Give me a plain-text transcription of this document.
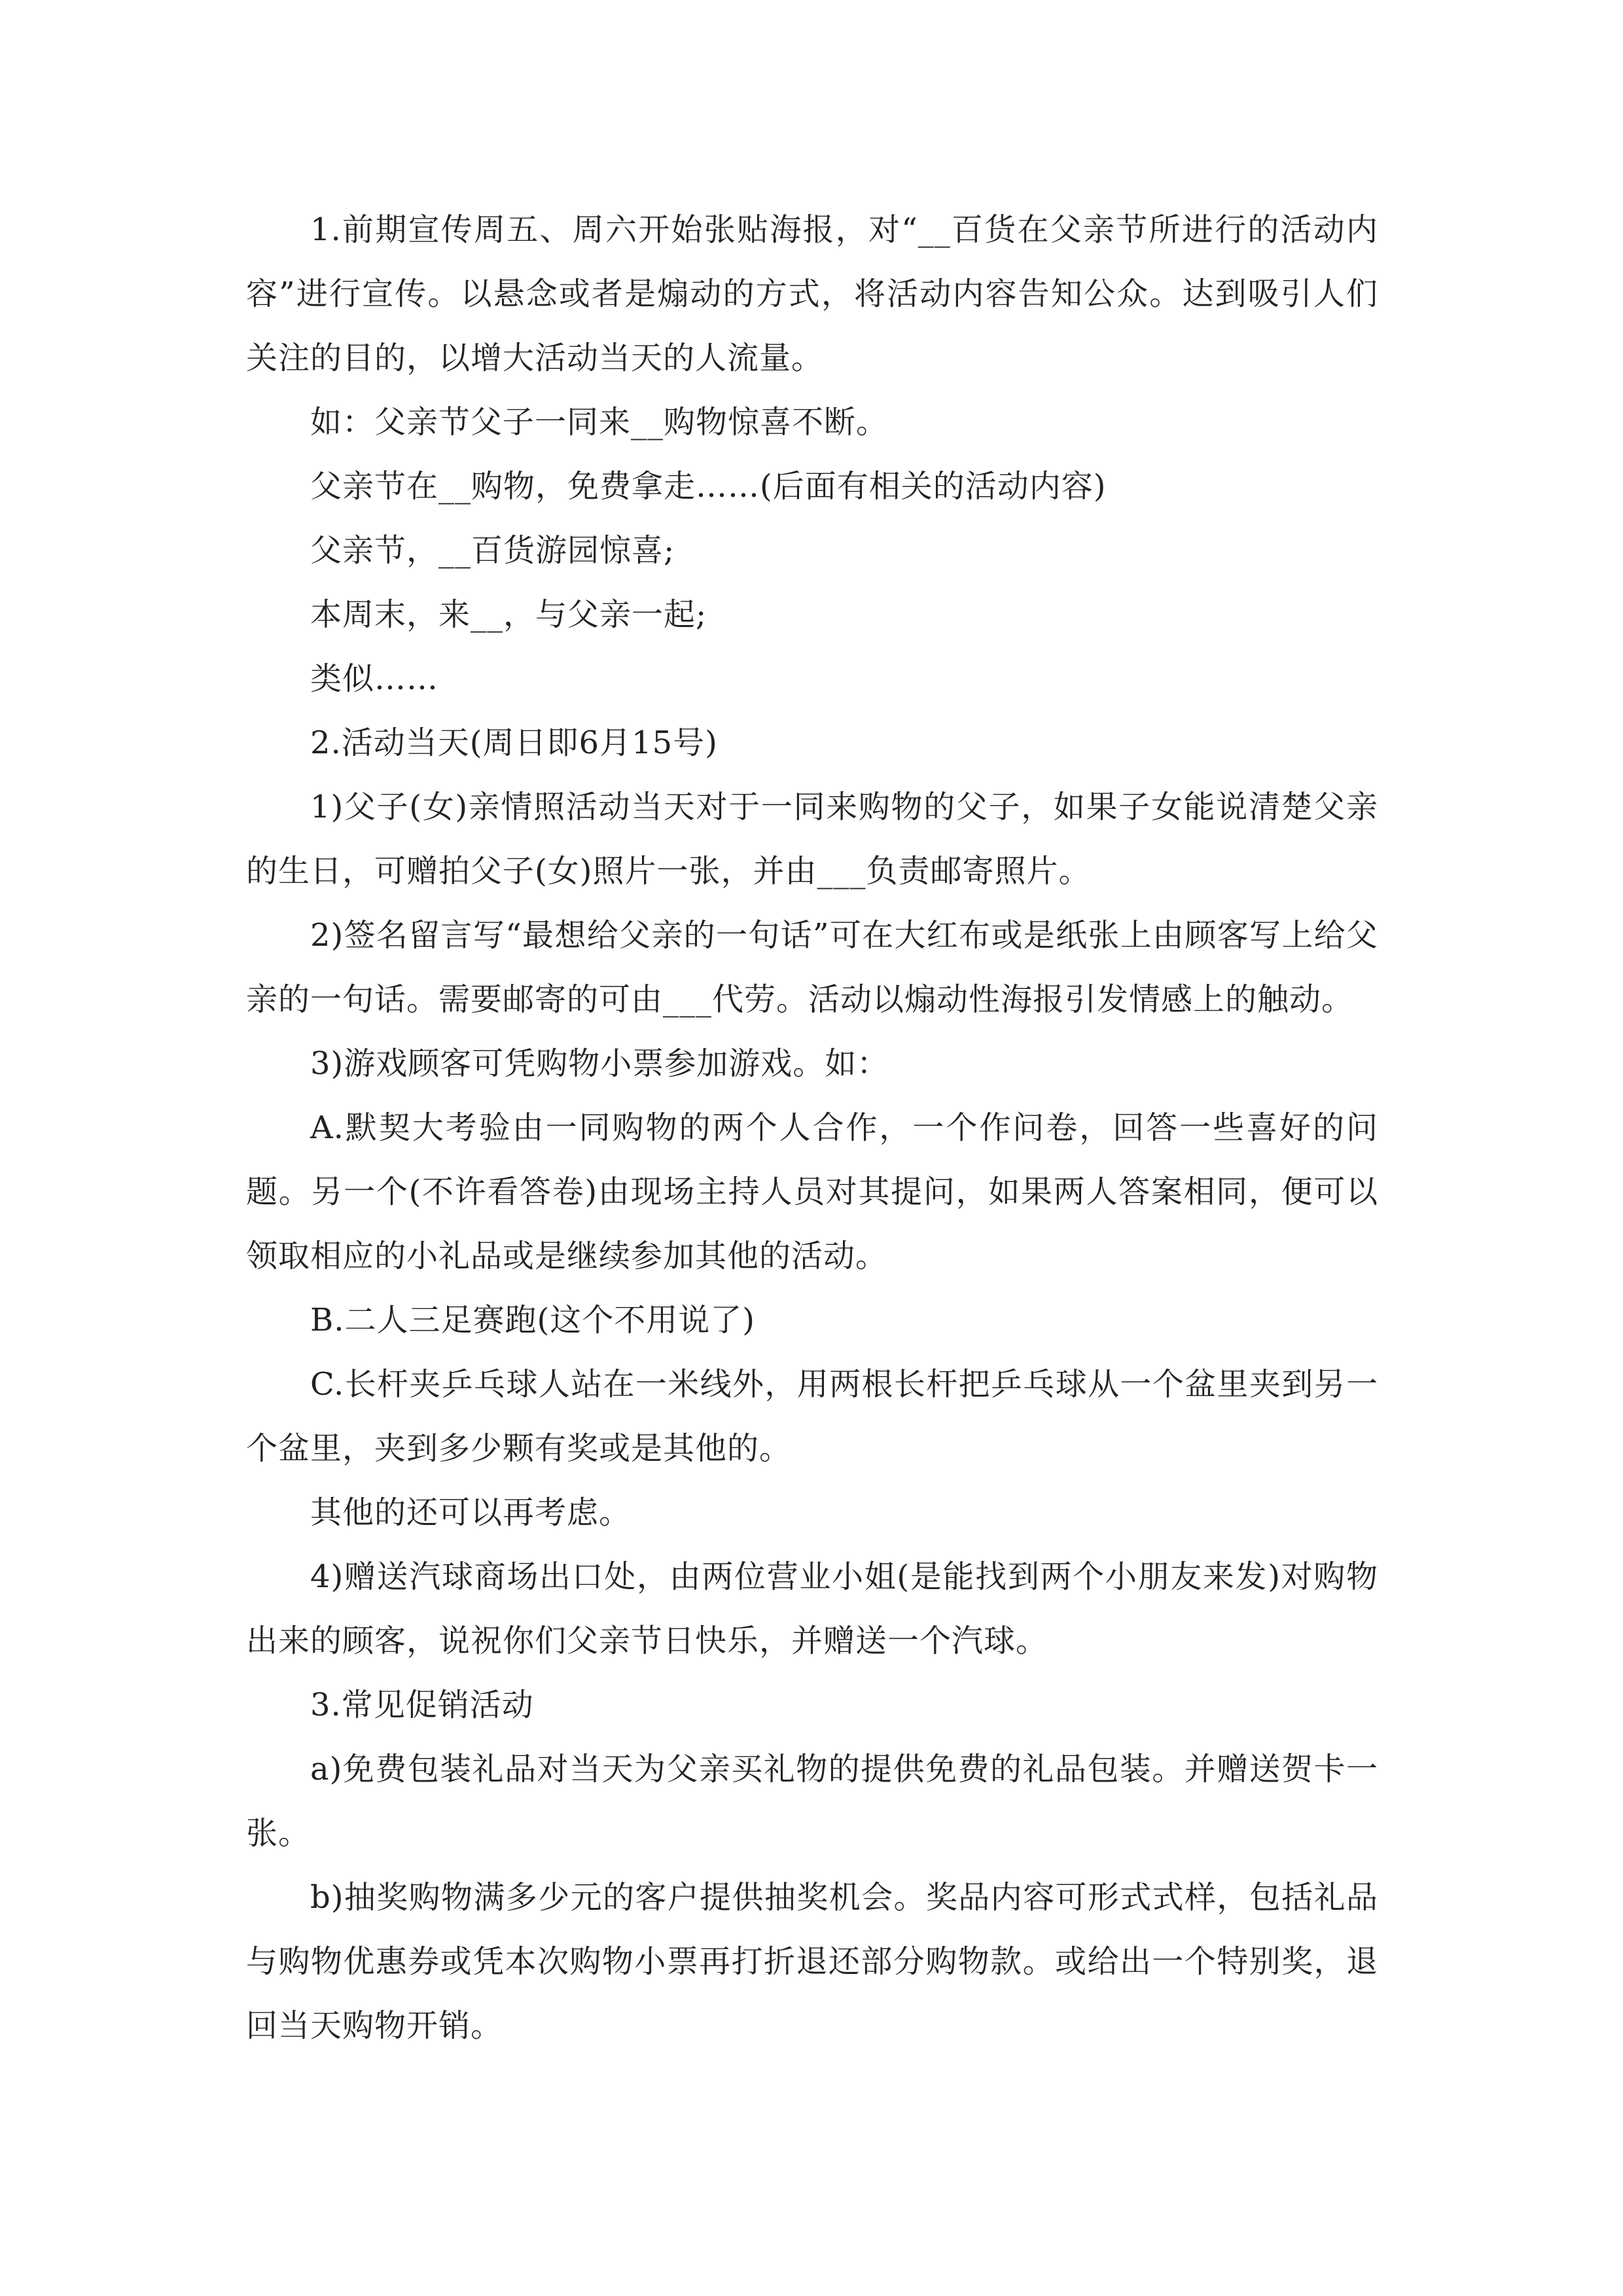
1.前期宣传周五、周六开始张贴海报，对“__百货在父亲节所进行的活动内容”进行宣传。以悬念或者是煽动的方式，将活动内容告知公众。达到吸引人们关注的目的，以增大活动当天的人流量。

如：父亲节父子一同来__购物惊喜不断。

父亲节在__购物，免费拿走……(后面有相关的活动内容)

父亲节，__百货游园惊喜;

本周末，来__，与父亲一起;

类似……

2.活动当天(周日即6月15号)

1)父子(女)亲情照活动当天对于一同来购物的父子，如果子女能说清楚父亲的生日，可赠拍父子(女)照片一张，并由___负责邮寄照片。

2)签名留言写“最想给父亲的一句话”可在大红布或是纸张上由顾客写上给父亲的一句话。需要邮寄的可由___代劳。活动以煽动性海报引发情感上的触动。

3)游戏顾客可凭购物小票参加游戏。如：

A.默契大考验由一同购物的两个人合作，一个作问卷，回答一些喜好的问题。另一个(不许看答卷)由现场主持人员对其提问，如果两人答案相同，便可以领取相应的小礼品或是继续参加其他的活动。

B.二人三足赛跑(这个不用说了)

C.长杆夹乒乓球人站在一米线外，用两根长杆把乒乓球从一个盆里夹到另一个盆里，夹到多少颗有奖或是其他的。

其他的还可以再考虑。

4)赠送汽球商场出口处，由两位营业小姐(是能找到两个小朋友来发)对购物出来的顾客，说祝你们父亲节日快乐，并赠送一个汽球。

3.常见促销活动

a)免费包装礼品对当天为父亲买礼物的提供免费的礼品包装。并赠送贺卡一张。

b)抽奖购物满多少元的客户提供抽奖机会。奖品内容可形式式样，包括礼品与购物优惠券或凭本次购物小票再打折退还部分购物款。或给出一个特别奖，退回当天购物开销。
